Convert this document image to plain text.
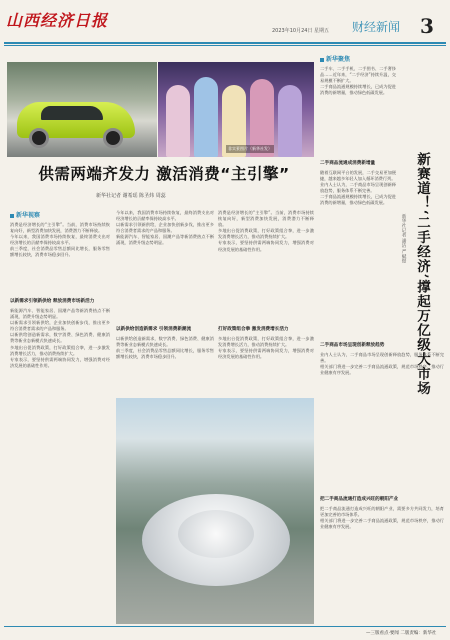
山西经济日报
2023年10月24日 星期五 财经新闻 3
非实景图片（新华社发）
供需两端齐发力 激活消费“主引擎”
新华社记者 谢希瑶 陈圣炜 周蕊
新华视察

消费是经济增长的“主引擎”。当前，消费市场持续恢复向好，新型消费加快发展，消费潜力不断释放。

今年以来，我国消费市场持续恢复，最终消费支出对经济增长的贡献率保持较高水平。

前三季度，社会消费品零售总额同比增长，服务零售额增长较快，消费市场稳步回升。

以新需求引领新供给 释放消费市场新活力

新能源汽车、智能家居、国潮产品等新消费热点不断涌现，消费升级态势明显。

以新需求引领新供给，企业加快创新步伐，推出更多符合消费者需求的产品和服务。

以新供给创造新需求，数字消费、绿色消费、健康消费等新业态新模式快速成长。

多地出台促消费政策，打好政策组合拳，进一步激发消费增长活力，推动消费持续扩大。

专家表示，要坚持供需两端协同发力，增强消费对经济发展的基础性作用。

今年以来，我国消费市场持续恢复，最终消费支出对经济增长的贡献率保持较高水平。

以新需求引领新供给，企业加快创新步伐，推出更多符合消费者需求的产品和服务。

新能源汽车、智能家居、国潮产品等新消费热点不断涌现，消费升级态势明显。

以新供给创造新需求 引领消费新潮流

以新供给创造新需求，数字消费、绿色消费、健康消费等新业态新模式快速成长。

前三季度，社会消费品零售总额同比增长，服务零售额增长较快，消费市场稳步回升。

消费是经济增长的“主引擎”。当前，消费市场持续恢复向好，新型消费加快发展，消费潜力不断释放。

多地出台促消费政策，打好政策组合拳，进一步激发消费增长活力，推动消费持续扩大。

专家表示，要坚持供需两端协同发力，增强消费对经济发展的基础性作用。

打好政策组合拳 激发消费增长活力

多地出台促消费政策，打好政策组合拳，进一步激发消费增长活力，推动消费持续扩大。

专家表示，要坚持供需两端协同发力，增强消费对经济发展的基础性作用。

新华聚焦

二手车、二手手机、二手图书、二手奢侈品……近年来，“二手经济”持续升温，交易规模不断扩大。

二手商品流通规模持续增长，已成为促进消费的新增量，推动绿色低碳发展。

二手商品流通成消费新增量

随着互联网平台的发展，二手交易更加便捷，越来越多年轻人加入循环消费行列。

业内人士认为，二手商品市场呈现创新释放趋势，服务体系不断完善。

二手商品流通规模持续增长，已成为促进消费的新增量，推动绿色低碳发展。

二手商品市场呈现创新释放趋势

业内人士认为，二手商品市场呈现创新释放趋势，服务体系不断完善。

相关部门将进一步完善二手商品流通政策，规范市场秩序，推动行业健康有序发展。

把二手商品流通打造成兴旺的朝阳产业

把二手商品流通打造成兴旺的朝阳产业，需要多方共同发力，培育更加完善的市场体系。

相关部门将进一步完善二手商品流通政策，规范市场秩序，推动行业健康有序发展。

新赛道！‘二手经济’撑起万亿级大市场
新华社记者 潘洁 严赋憬
—三版看点·要闻 二版责编：新华社
